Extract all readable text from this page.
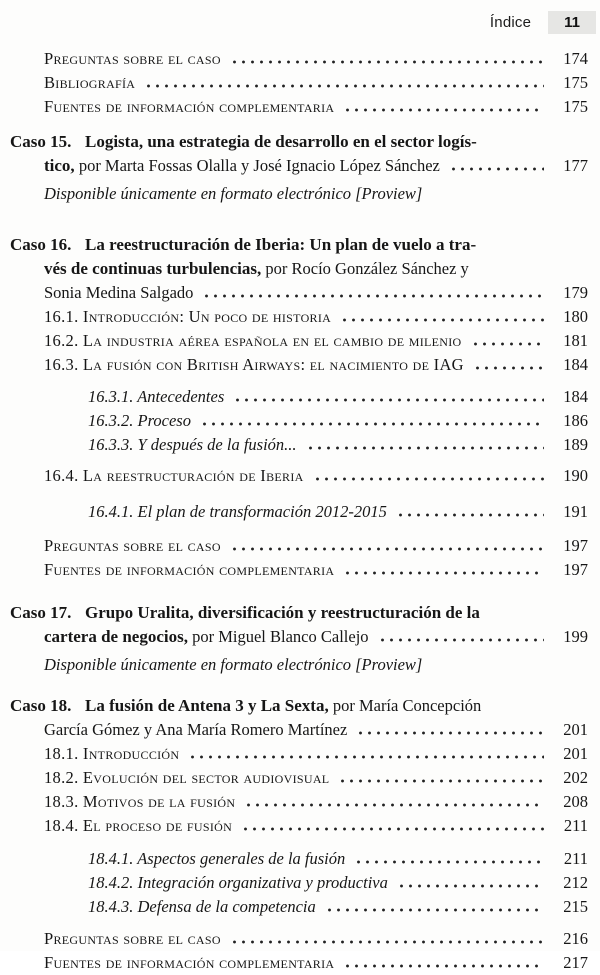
Índice	11
Preguntas sobre el caso	174
Bibliografía	175
Fuentes de información complementaria	175
Caso 15. Logista, una estrategia de desarrollo en el sector logís-
tico, por Marta Fossas Olalla y José Ignacio López Sánchez	177
Disponible únicamente en formato electrónico [Proview]
Caso 16. La reestructuración de Iberia: Un plan de vuelo a tra-
vés de continuas turbulencias, por Rocío González Sánchez y
Sonia Medina Salgado	179
16.1. Introducción: Un poco de historia	180
16.2. La industria aérea española en el cambio de milenio	181
16.3. La fusión con British Airways: el nacimiento de IAG	184
16.3.1. Antecedentes	184
16.3.2. Proceso	186
16.3.3. Y después de la fusión...	189
16.4. La reestructuración de Iberia	190
16.4.1. El plan de transformación 2012-2015	191
Preguntas sobre el caso	197
Fuentes de información complementaria	197
Caso 17. Grupo Uralita, diversificación y reestructuración de la
cartera de negocios, por Miguel Blanco Callejo	199
Disponible únicamente en formato electrónico [Proview]
Caso 18. La fusión de Antena 3 y La Sexta, por María Concepción
García Gómez y Ana María Romero Martínez	201
18.1. Introducción	201
18.2. Evolución del sector audiovisual	202
18.3. Motivos de la fusión	208
18.4. El proceso de fusión	211
18.4.1. Aspectos generales de la fusión	211
18.4.2. Integración organizativa y productiva	212
18.4.3. Defensa de la competencia	215
Preguntas sobre el caso	216
Fuentes de información complementaria	217
